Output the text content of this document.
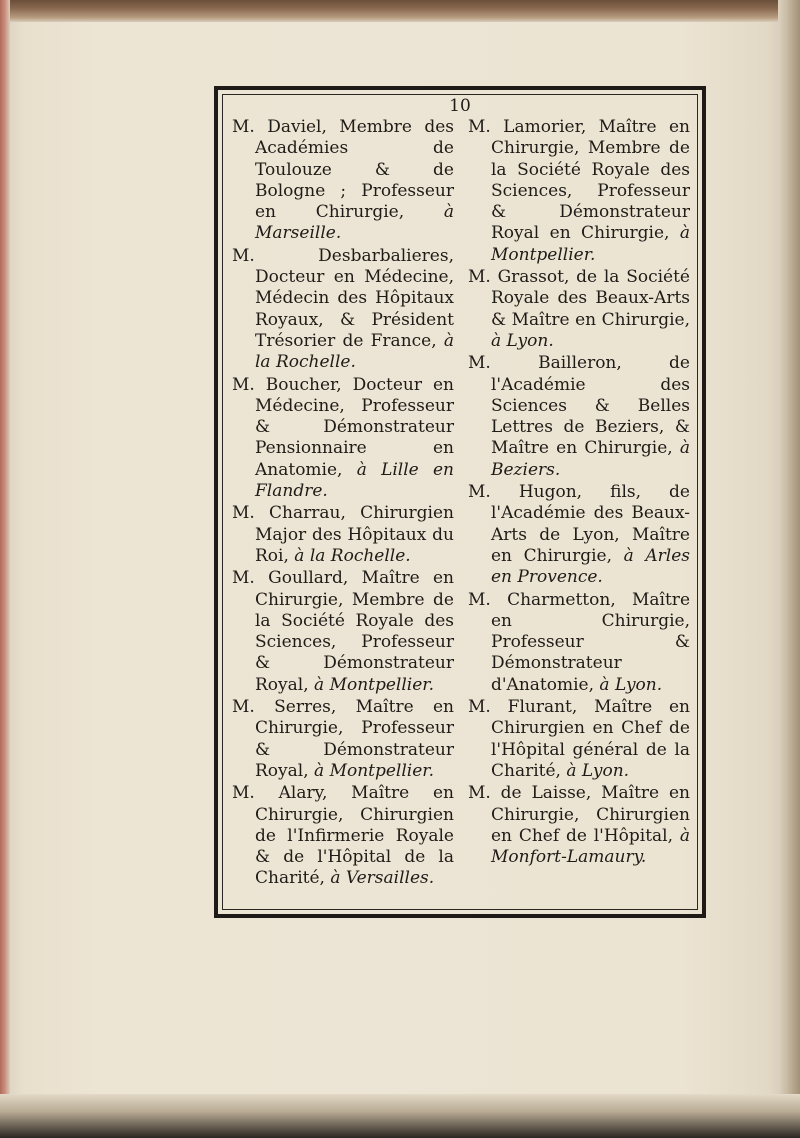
10

M. Daviel, Membre des Académies de Toulouze & de Bologne ; Professeur en Chirurgie, à Marseille.

M. Desbarbalieres, Docteur en Médecine, Médecin des Hôpitaux Royaux, & Président Trésorier de France, à la Rochelle.

M. Boucher, Docteur en Médecine, Professeur & Démonstrateur Pensionnaire en Anatomie, à Lille en Flandre.

M. Charrau, Chirurgien Major des Hôpitaux du Roi, à la Rochelle.

M. Goullard, Maître en Chirurgie, Membre de la Société Royale des Sciences, Professeur & Démonstrateur Royal, à Montpellier.

M. Serres, Maître en Chirurgie, Professeur & Démonstrateur Royal, à Montpellier.

M. Alary, Maître en Chirurgie, Chirurgien de l'Infirmerie Royale & de l'Hôpital de la Charité, à Versailles.

M. Lamorier, Maître en Chirurgie, Membre de la Société Royale des Sciences, Professeur & Démonstrateur Royal en Chirurgie, à Montpellier.

M. Grassot, de la Société Royale des Beaux-Arts & Maître en Chirurgie, à Lyon.

M. Bailleron, de l'Académie des Sciences & Belles Lettres de Beziers, & Maître en Chirurgie, à Beziers.

M. Hugon, fils, de l'Académie des Beaux-Arts de Lyon, Maître en Chirurgie, à Arles en Provence.

M. Charmetton, Maître en Chirurgie, Professeur & Démonstrateur d'Anatomie, à Lyon.

M. Flurant, Maître en Chirurgien en Chef de l'Hôpital général de la Charité, à Lyon.

M. de Laisse, Maître en Chirurgie, Chirurgien en Chef de l'Hôpital, à Monfort-Lamaury.
